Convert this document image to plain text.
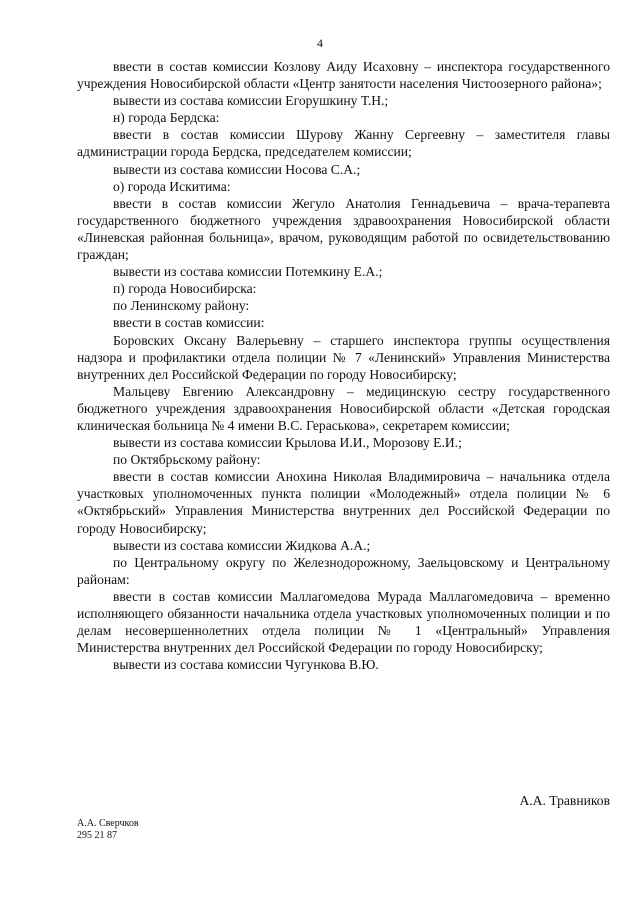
4

ввести в состав комиссии Козлову Аиду Исаховну – инспектора государственного учреждения Новосибирской области «Центр занятости населения Чистоозерного района»;

вывести из состава комиссии Егорушкину Т.Н.;

н) города Бердска:

ввести в состав комиссии Шурову Жанну Сергеевну – заместителя главы администрации города Бердска, председателем комиссии;

вывести из состава комиссии Носова С.А.;

о) города Искитима:

ввести в состав комиссии Жегуло Анатолия Геннадьевича – врача-терапевта государственного бюджетного учреждения здравоохранения Новосибирской области «Линевская районная больница», врачом, руководящим работой по освидетельствованию граждан;

вывести из состава комиссии Потемкину Е.А.;

п) города Новосибирска:

по Ленинскому району:

ввести в состав комиссии:

Боровских Оксану Валерьевну – старшего инспектора группы осуществления надзора и профилактики отдела полиции № 7 «Ленинский» Управления Министерства внутренних дел Российской Федерации по городу Новосибирску;

Мальцеву Евгению Александровну – медицинскую сестру государственного бюджетного учреждения здравоохранения Новосибирской области «Детская городская клиническая больница № 4 имени В.С. Гераськова», секретарем комиссии;

вывести из состава комиссии Крылова И.И., Морозову Е.И.;

по Октябрьскому району:

ввести в состав комиссии Анохина Николая Владимировича – начальника отдела участковых уполномоченных пункта полиции «Молодежный» отдела полиции № 6 «Октябрьский» Управления Министерства внутренних дел Российской Федерации по городу Новосибирску;

вывести из состава комиссии Жидкова А.А.;

по Центральному округу по Железнодорожному, Заельцовскому и Центральному районам:

ввести в состав комиссии Маллагомедова Мурада Маллагомедовича – временно исполняющего обязанности начальника отдела участковых уполномоченных полиции и по делам несовершеннолетних отдела полиции № 1 «Центральный» Управления Министерства внутренних дел Российской Федерации по городу Новосибирску;

вывести из состава комиссии Чугункова В.Ю.

А.А. Травников
А.А. Сверчков
295 21 87
